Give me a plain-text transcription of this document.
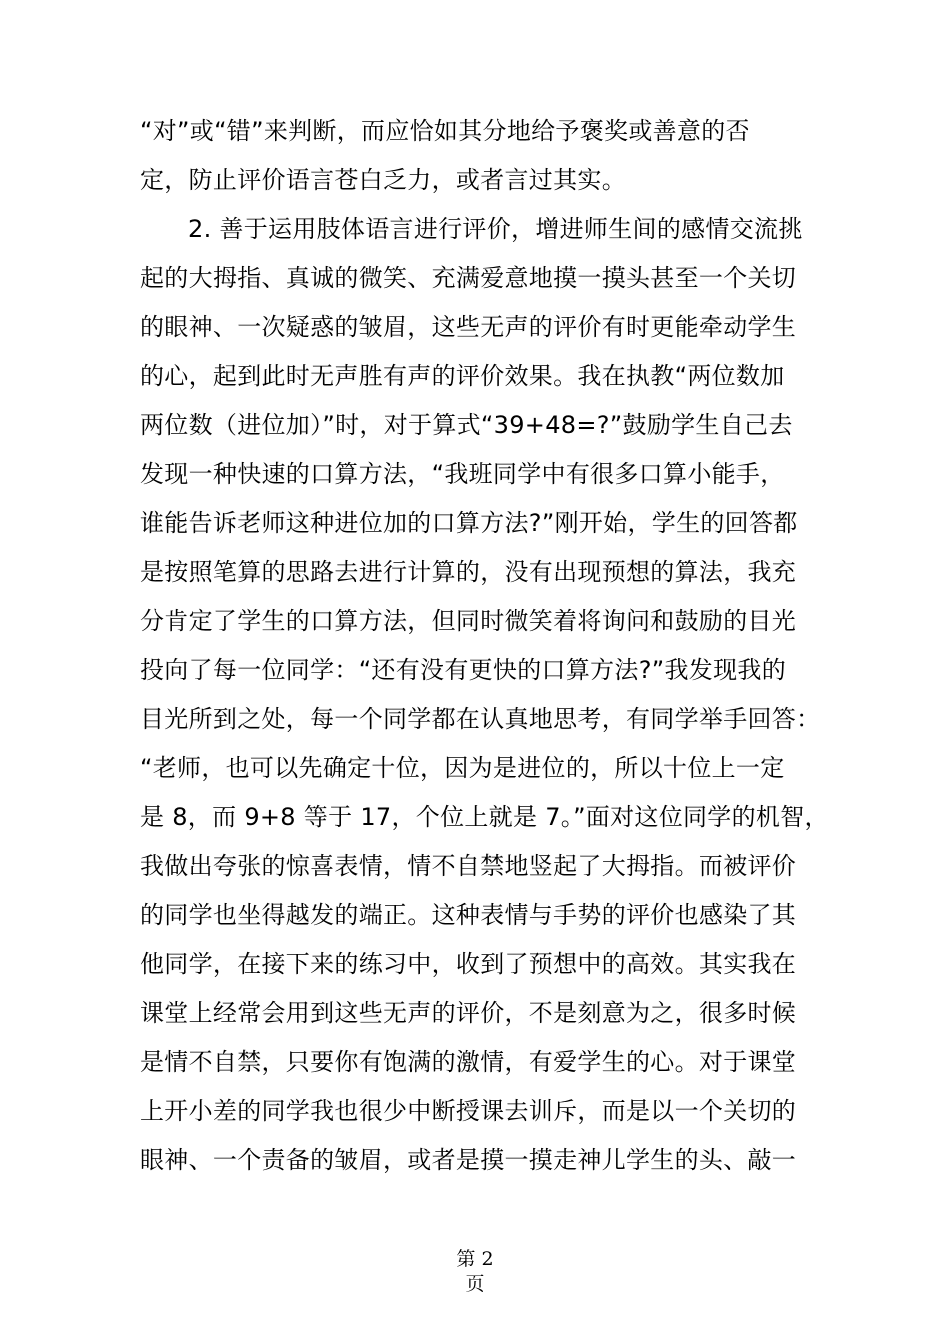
“对”或“错”来判断，而应恰如其分地给予褒奖或善意的否
定，防止评价语言苍白乏力，或者言过其实。
2. 善于运用肢体语言进行评价，增进师生间的感情交流挑
起的大拇指、真诚的微笑、充满爱意地摸一摸头甚至一个关切
的眼神、一次疑惑的皱眉，这些无声的评价有时更能牵动学生
的心，起到此时无声胜有声的评价效果。我在执教“两位数加
两位数（进位加）”时，对于算式“39+48=?”鼓励学生自己去
发现一种快速的口算方法，“我班同学中有很多口算小能手，
谁能告诉老师这种进位加的口算方法?”刚开始，学生的回答都
是按照笔算的思路去进行计算的，没有出现预想的算法，我充
分肯定了学生的口算方法，但同时微笑着将询问和鼓励的目光
投向了每一位同学：“还有没有更快的口算方法?”我发现我的
目光所到之处，每一个同学都在认真地思考，有同学举手回答：
“老师，也可以先确定十位，因为是进位的，所以十位上一定
是 8，而 9+8 等于 17，个位上就是 7。”面对这位同学的机智，
我做出夸张的惊喜表情，情不自禁地竖起了大拇指。而被评价
的同学也坐得越发的端正。这种表情与手势的评价也感染了其
他同学，在接下来的练习中，收到了预想中的高效。其实我在
课堂上经常会用到这些无声的评价，不是刻意为之，很多时候
是情不自禁，只要你有饱满的激情，有爱学生的心。对于课堂
上开小差的同学我也很少中断授课去训斥，而是以一个关切的
眼神、一个责备的皱眉，或者是摸一摸走神儿学生的头、敲一
第 2
页
